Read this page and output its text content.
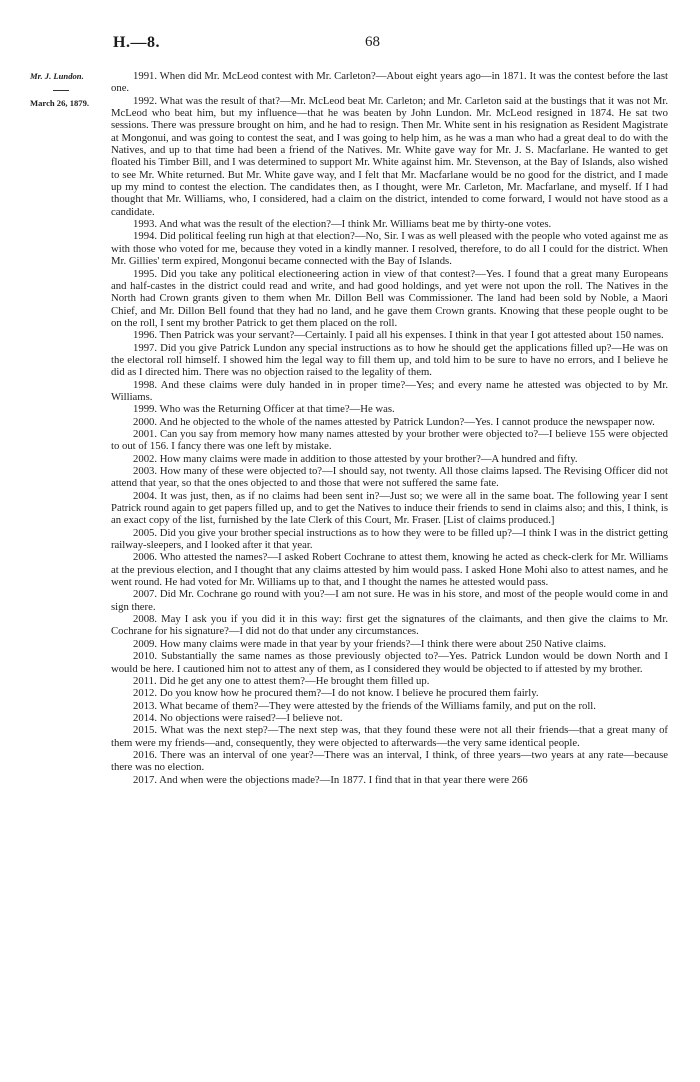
H.—8.	68
Mr. J. Lundon.
March 26, 1879.

1991. When did Mr. McLeod contest with Mr. Carleton?—About eight years ago—in 1871. It was the contest before the last one.

1992. What was the result of that?—Mr. McLeod beat Mr. Carleton; and Mr. Carleton said at the bustings that it was not Mr. McLeod who beat him, but my influence—that he was beaten by John Lundon. Mr. McLeod resigned in 1874. He sat two sessions. There was pressure brought on him, and he had to resign. Then Mr. White sent in his resignation as Resident Magistrate at Mongonui, and was going to contest the seat, and I was going to help him, as he was a man who had a great deal to do with the Natives, and up to that time had been a friend of the Natives. Mr. White gave way for Mr. J. S. Macfarlane. He wanted to get floated his Timber Bill, and I was determined to support Mr. White against him. Mr. Stevenson, at the Bay of Islands, also wished to see Mr. White returned. But Mr. White gave way, and I felt that Mr. Macfarlane would be no good for the district, and I made up my mind to contest the election. The candidates then, as I thought, were Mr. Carleton, Mr. Macfarlane, and myself. If I had thought that Mr. Williams, who, I considered, had a claim on the district, intended to come forward, I would not have stood as a candidate.

1993. And what was the result of the election?—I think Mr. Williams beat me by thirty-one votes.

1994. Did political feeling run high at that election?—No, Sir. I was as well pleased with the people who voted against me as with those who voted for me, because they voted in a kindly manner. I resolved, therefore, to do all I could for the district. When Mr. Gillies' term expired, Mongonui became connected with the Bay of Islands.

1995. Did you take any political electioneering action in view of that contest?—Yes. I found that a great many Europeans and half-castes in the district could read and write, and had good holdings, and yet were not upon the roll. The Natives in the North had Crown grants given to them when Mr. Dillon Bell was Commissioner. The land had been sold by Noble, a Maori Chief, and Mr. Dillon Bell found that they had no land, and he gave them Crown grants. Knowing that these people ought to be on the roll, I sent my brother Patrick to get them placed on the roll.

1996. Then Patrick was your servant?—Certainly. I paid all his expenses. I think in that year I got attested about 150 names.

1997. Did you give Patrick Lundon any special instructions as to how he should get the applications filled up?—He was on the electoral roll himself. I showed him the legal way to fill them up, and told him to be sure to have no errors, and I believe he did as I directed him. There was no objection raised to the legality of them.

1998. And these claims were duly handed in in proper time?—Yes; and every name he attested was objected to by Mr. Williams.

1999. Who was the Returning Officer at that time?—He was.

2000. And he objected to the whole of the names attested by Patrick Lundon?—Yes. I cannot produce the newspaper now.

2001. Can you say from memory how many names attested by your brother were objected to?—I believe 155 were objected to out of 156. I fancy there was one left by mistake.

2002. How many claims were made in addition to those attested by your brother?—A hundred and fifty.

2003. How many of these were objected to?—I should say, not twenty. All those claims lapsed. The Revising Officer did not attend that year, so that the ones objected to and those that were not suffered the same fate.

2004. It was just, then, as if no claims had been sent in?—Just so; we were all in the same boat. The following year I sent Patrick round again to get papers filled up, and to get the Natives to induce their friends to send in claims also; and this, I think, is an exact copy of the list, furnished by the late Clerk of this Court, Mr. Fraser. [List of claims produced.]

2005. Did you give your brother special instructions as to how they were to be filled up?—I think I was in the district getting railway-sleepers, and I looked after it that year.

2006. Who attested the names?—I asked Robert Cochrane to attest them, knowing he acted as check-clerk for Mr. Williams at the previous election, and I thought that any claims attested by him would pass. I asked Hone Mohi also to attest names, and he went round. He had voted for Mr. Williams up to that, and I thought the names he attested would pass.

2007. Did Mr. Cochrane go round with you?—I am not sure. He was in his store, and most of the people would come in and sign there.

2008. May I ask you if you did it in this way: first get the signatures of the claimants, and then give the claims to Mr. Cochrane for his signature?—I did not do that under any circumstances.

2009. How many claims were made in that year by your friends?—I think there were about 250 Native claims.

2010. Substantially the same names as those previously objected to?—Yes. Patrick Lundon would be down North and I would be here. I cautioned him not to attest any of them, as I considered they would be objected to if attested by my brother.

2011. Did he get any one to attest them?—He brought them filled up.

2012. Do you know how he procured them?—I do not know. I believe he procured them fairly.

2013. What became of them?—They were attested by the friends of the Williams family, and put on the roll.

2014. No objections were raised?—I believe not.

2015. What was the next step?—The next step was, that they found these were not all their friends—that a great many of them were my friends—and, consequently, they were objected to afterwards—the very same identical people.

2016. There was an interval of one year?—There was an interval, I think, of three years—two years at any rate—because there was no election.

2017. And when were the objections made?—In 1877. I find that in that year there were 266
